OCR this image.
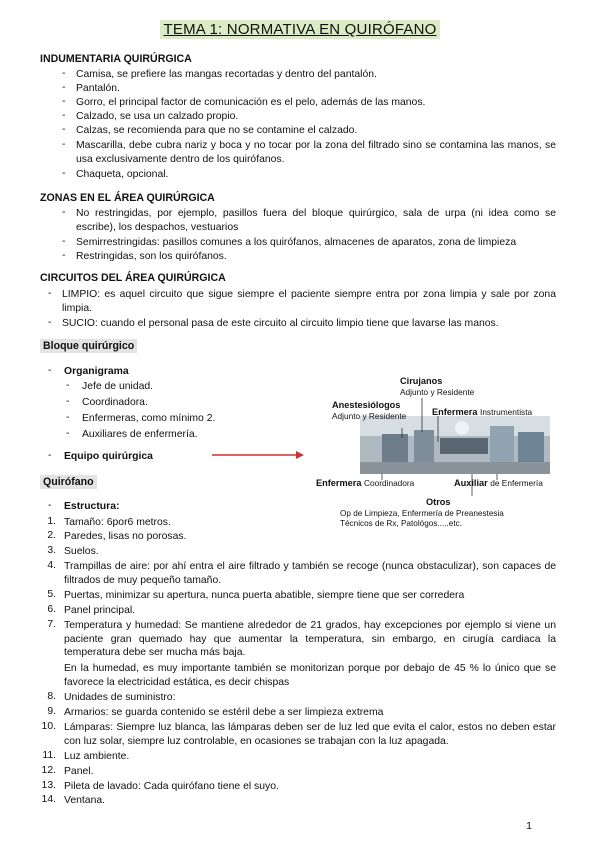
TEMA 1: NORMATIVA EN QUIRÓFANO
INDUMENTARIA QUIRÚRGICA
- Camisa, se prefiere las mangas recortadas y dentro del pantalón.
- Pantalón.
- Gorro, el principal factor de comunicación es el pelo, además de las manos.
- Calzado, se usa un calzado propio.
- Calzas, se recomienda para que no se contamine el calzado.
- Mascarilla, debe cubra nariz y boca y no tocar por la zona del filtrado sino se contamina las manos, se usa exclusivamente dentro de los quirófanos.
- Chaqueta, opcional.
ZONAS EN EL ÁREA QUIRÚRGICA
- No restringidas, por ejemplo, pasillos fuera del bloque quirúrgico, sala de urpa (ni idea como se escribe), los despachos, vestuarios
- Semirrestringidas: pasillos comunes a los quirófanos, almacenes de aparatos, zona de limpieza
- Restringidas, son los quirófanos.
CIRCUITOS DEL ÁREA QUIRÚRGICA
- LIMPIO: es aquel circuito que sigue siempre el paciente siempre entra por zona limpia y sale por zona limpia.
- SUCIO: cuando el personal pasa de este circuito al circuito limpio tiene que lavarse las manos.
Bloque quirúrgico
- Organigrama
- Jefe de unidad.
- Coordinadora.
- Enfermeras, como mínimo 2.
- Auxiliares de enfermería.
- Equipo quirúrgica
Cirujanos
Adjunto y Residente
Anestesiólogos
Adjunto y Residente	Enfermera Instrumentista
Enfermera Coordinadora	Auxiliar de Enfermería
Otros
Op de Limpieza, Enfermería de Preanestesia
Técnicos de Rx, Patológos.....etc.
Quirófano
- Estructura:
1. Tamaño: 6por6 metros.
2. Paredes, lisas no porosas.
3. Suelos.
4. Trampillas de aire: por ahí entra el aire filtrado y también se recoge (nunca obstaculizar), son capaces de filtrados de muy pequeño tamaño.
5. Puertas, minimizar su apertura, nunca puerta abatible, siempre tiene que ser corredera
6. Panel principal.
7. Temperatura y humedad: Se mantiene alrededor de 21 grados, hay excepciones por ejemplo si viene un paciente gran quemado hay que aumentar la temperatura, sin embargo, en cirugía cardiaca la temperatura debe ser mucha más baja.
En la humedad, es muy importante también se monitorizan porque por debajo de 45 % lo único que se favorece la electricidad estática, es decir chispas
8. Unidades de suministro:
9. Armarios: se guarda contenido se estéril debe a ser limpieza extrema
10. Lámparas: Siempre luz blanca, las lámparas deben ser de luz led que evita el calor, estos no deben estar con luz solar, siempre luz controlable, en ocasiones se trabajan con la luz apagada.
11. Luz ambiente.
12. Panel.
13. Pileta de lavado: Cada quirófano tiene el suyo.
14. Ventana.
1
